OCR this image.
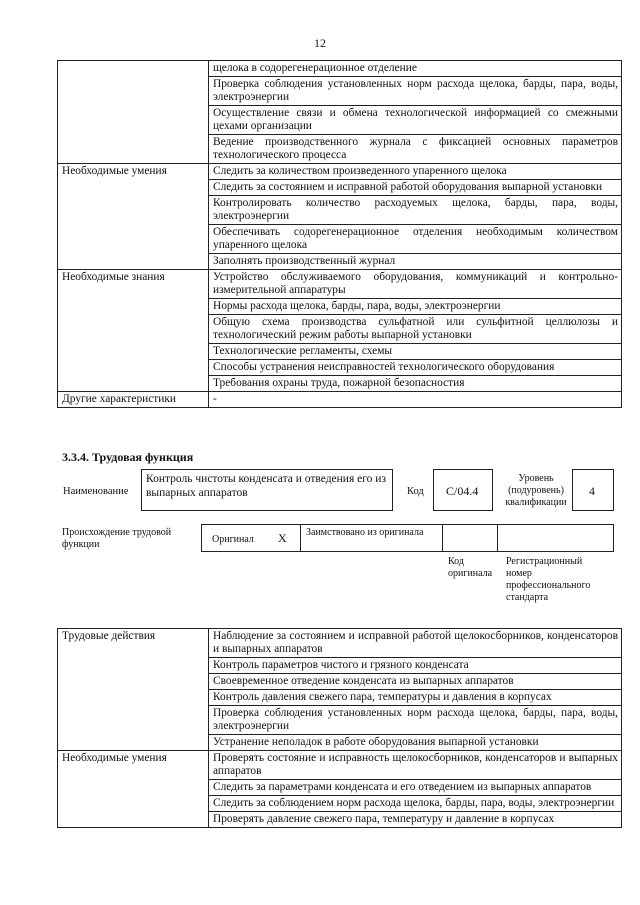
12
	щелока в содорегенерационное отделение
	Проверка соблюдения установленных норм расхода щелока, барды, пара, воды, электроэнергии
	Осуществление связи и обмена технологической информацией со смежными цехами организации
	Ведение производственного журнала с фиксацией основных параметров технологического процесса
Необходимые умения	Следить за количеством произведенного упаренного щелока
	Следить за состоянием и исправной работой оборудования выпарной установки
	Контролировать количество расходуемых щелока, барды, пара, воды, электроэнергии
	Обеспечивать содорегенерационное отделения необходимым количеством упаренного щелока
	Заполнять производственный журнал
Необходимые знания	Устройство обслуживаемого оборудования, коммуникаций и контрольно-измерительной аппаратуры
	Нормы расхода щелока, барды, пара, воды, электроэнергии
	Общую схема производства сульфатной или сульфитной целлюлозы и технологический режим работы выпарной установки
	Технологические регламенты, схемы
	Способы устранения неисправностей технологического оборудования
	Требования охраны труда, пожарной безопасностия
Другие характеристики	-
3.3.4. Трудовая функция
Наименование
Контроль чистоты конденсата и отведения его из выпарных аппаратов	Код C/04.4
Уровень (подуровень) квалификации
4
Происхождение трудовой функции	Оригинал X Заимствовано из оригинала
Код оригинала
Регистрационный номер профессионального стандарта
Трудовые действия	Наблюдение за состоянием и исправной работой щелокосборников, конденсаторов и выпарных аппаратов
	Контроль параметров чистого и грязного конденсата
	Своевременное отведение конденсата из выпарных аппаратов
	Контроль давления свежего пара, температуры и давления в корпусах
	Проверка соблюдения установленных норм расхода щелока, барды, пара, воды, электроэнергии
	Устранение неполадок в работе оборудования выпарной установки
Необходимые умения	Проверять состояние и исправность щелокосборников, конденсаторов и выпарных аппаратов
	Следить за параметрами конденсата и его отведением из выпарных аппаратов
	Следить за соблюдением норм расхода щелока, барды, пара, воды, электроэнергии
	Проверять давление свежего пара, температуру и давление в корпусах
